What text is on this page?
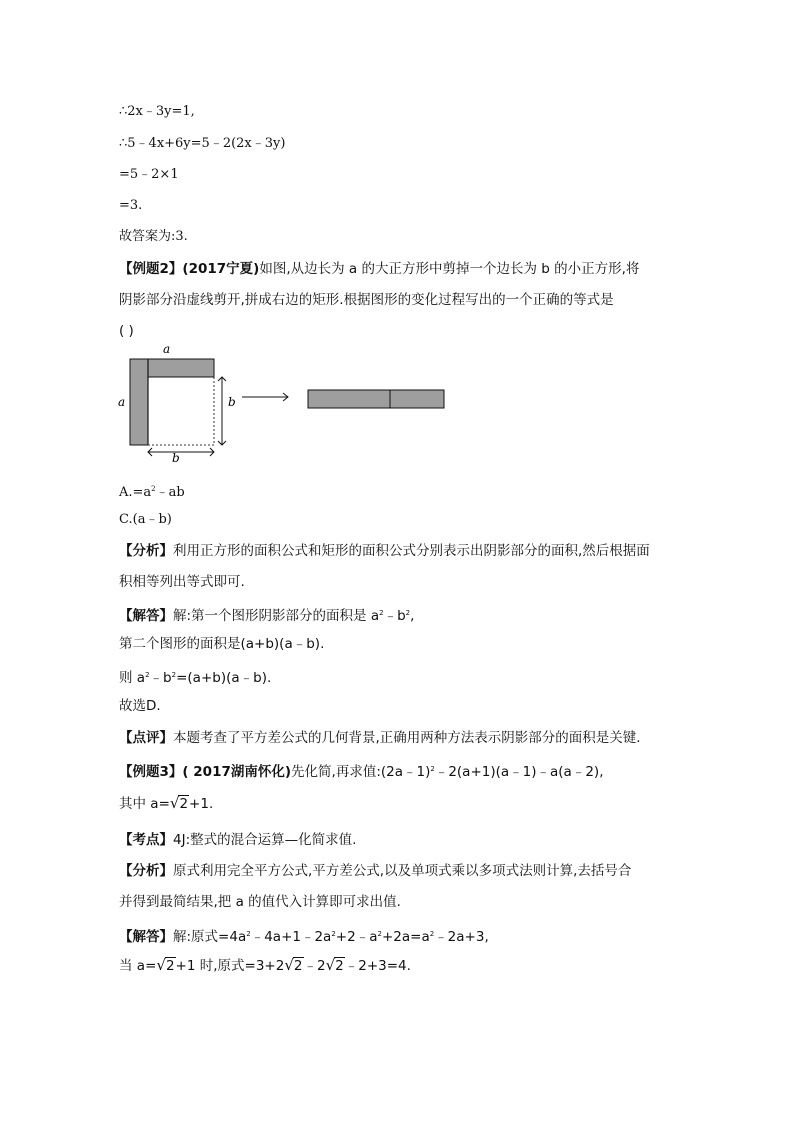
∴2x﹣3y=1,
∴5﹣4x+6y=5﹣2(2x﹣3y)
=5﹣2×1
=3.
故答案为:3.
【例题2】(2017宁夏)如图,从边长为 a 的大正方形中剪掉一个边长为 b 的小正方形,将
阴影部分沿虚线剪开,拼成右边的矩形.根据图形的变化过程写出的一个正确的等式是
( )
a
a	b
b
$A.=a^2﹣ab$
C.(a﹣b)
【分析】利用正方形的面积公式和矩形的面积公式分别表示出阴影部分的面积,然后根据面
积相等列出等式即可.
【解答】解:第一个图形阴影部分的面积是 $a^2﹣b^2$,
第二个图形的面积是(a+b)(a﹣b).
则 $a^2﹣b^2=(a+b)(a﹣b)$.
故选D.
【点评】本题考查了平方差公式的几何背景,正确用两种方法表示阴影部分的面积是关键.
【例题3】( 2017湖南怀化)先化简,再求值:(2a﹣1)$^2$﹣2(a+1)(a﹣1)﹣a(a﹣2),
其中 a=√2+1.
【考点】4J:整式的混合运算—化简求值.
【分析】原式利用完全平方公式,平方差公式,以及单项式乘以多项式法则计算,去括号合
并得到最简结果,把 a 的值代入计算即可求出值.
【解答】解:原式$=4a^2﹣4a+1﹣2a^2+2﹣a^2+2a=a^2﹣2a+3$,
当 a=√2+1 时,原式=3+2√2﹣2√2﹣2+3=4.
